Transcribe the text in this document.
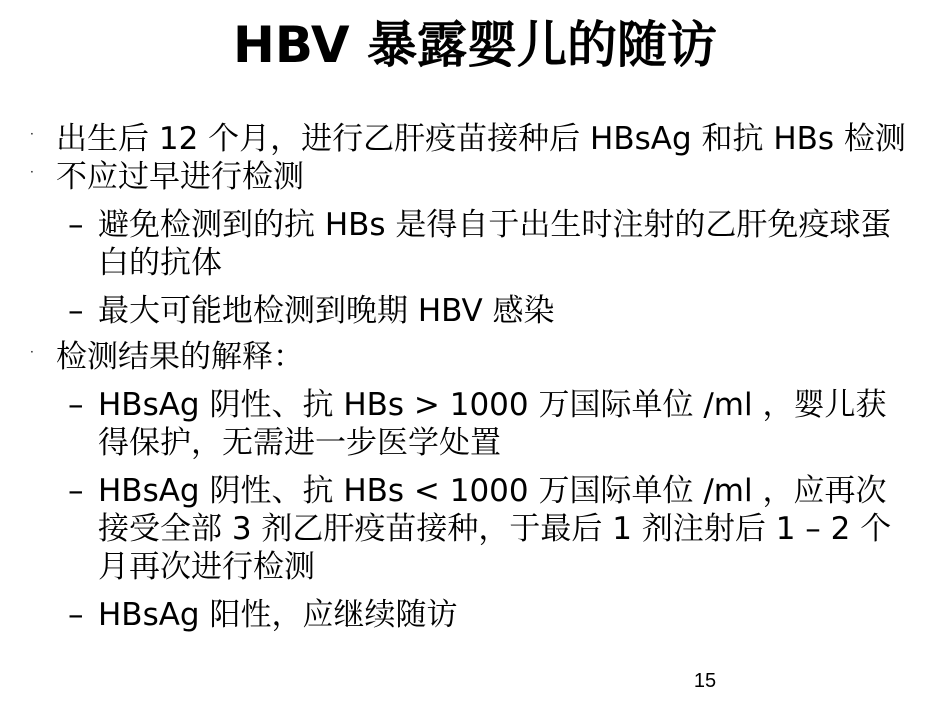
HBV 暴露婴儿的随访
· 出生后 12 个月，进行乙肝疫苗接种后 HBsAg 和抗 HBs 检测
· 不应过早进行检测
– 避免检测到的抗 HBs 是得自于出生时注射的乙肝免疫球蛋白的抗体
– 最大可能地检测到晚期 HBV 感染
· 检测结果的解释：
– HBsAg 阴性、抗 HBs > 1000 万国际单位 /ml ，婴儿获得保护，无需进一步医学处置
– HBsAg 阴性、抗 HBs < 1000 万国际单位 /ml ，应再次接受全部 3 剂乙肝疫苗接种，于最后 1 剂注射后 1 – 2 个月再次进行检测
– HBsAg 阳性，应继续随访
15
